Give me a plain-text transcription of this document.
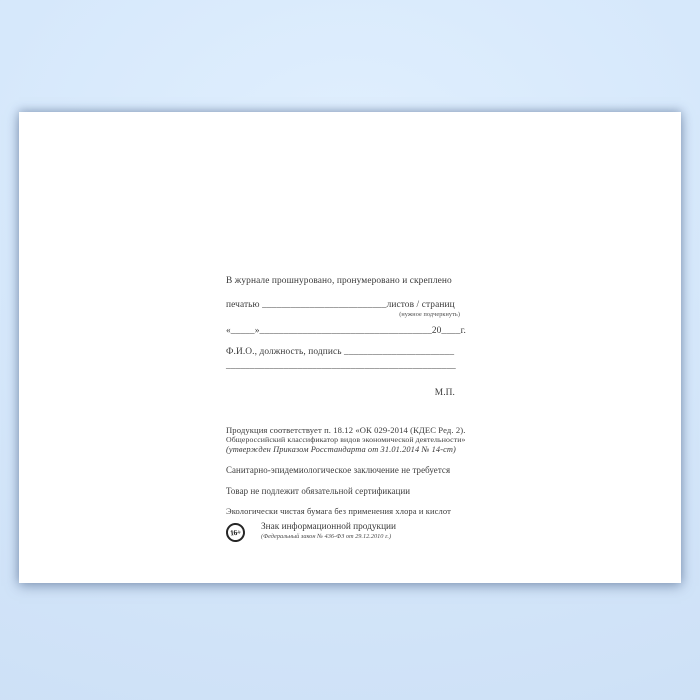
В журнале прошнуровано, пронумеровано и скреплено
печатью __________________________листов / страниц
(нужное подчеркнуть)
«_____»____________________________________20____г.
Ф.И.О., должность, подпись _______________________
________________________________________________
М.П.
Продукция соответствует п. 18.12 «ОК 029-2014 (КДЕС Ред. 2).
Общероссийский классификатор видов экономической деятельности»
(утвержден Приказом Росстандарта от 31.01.2014 № 14-ст)
Санитарно-эпидемиологическое заключение не требуется
Товар не подлежит обязательной сертификации
Экологически чистая бумага без применения хлора и кислот
16+
Знак информационной продукции
(Федеральный закон № 436-ФЗ от 29.12.2010 г.)
